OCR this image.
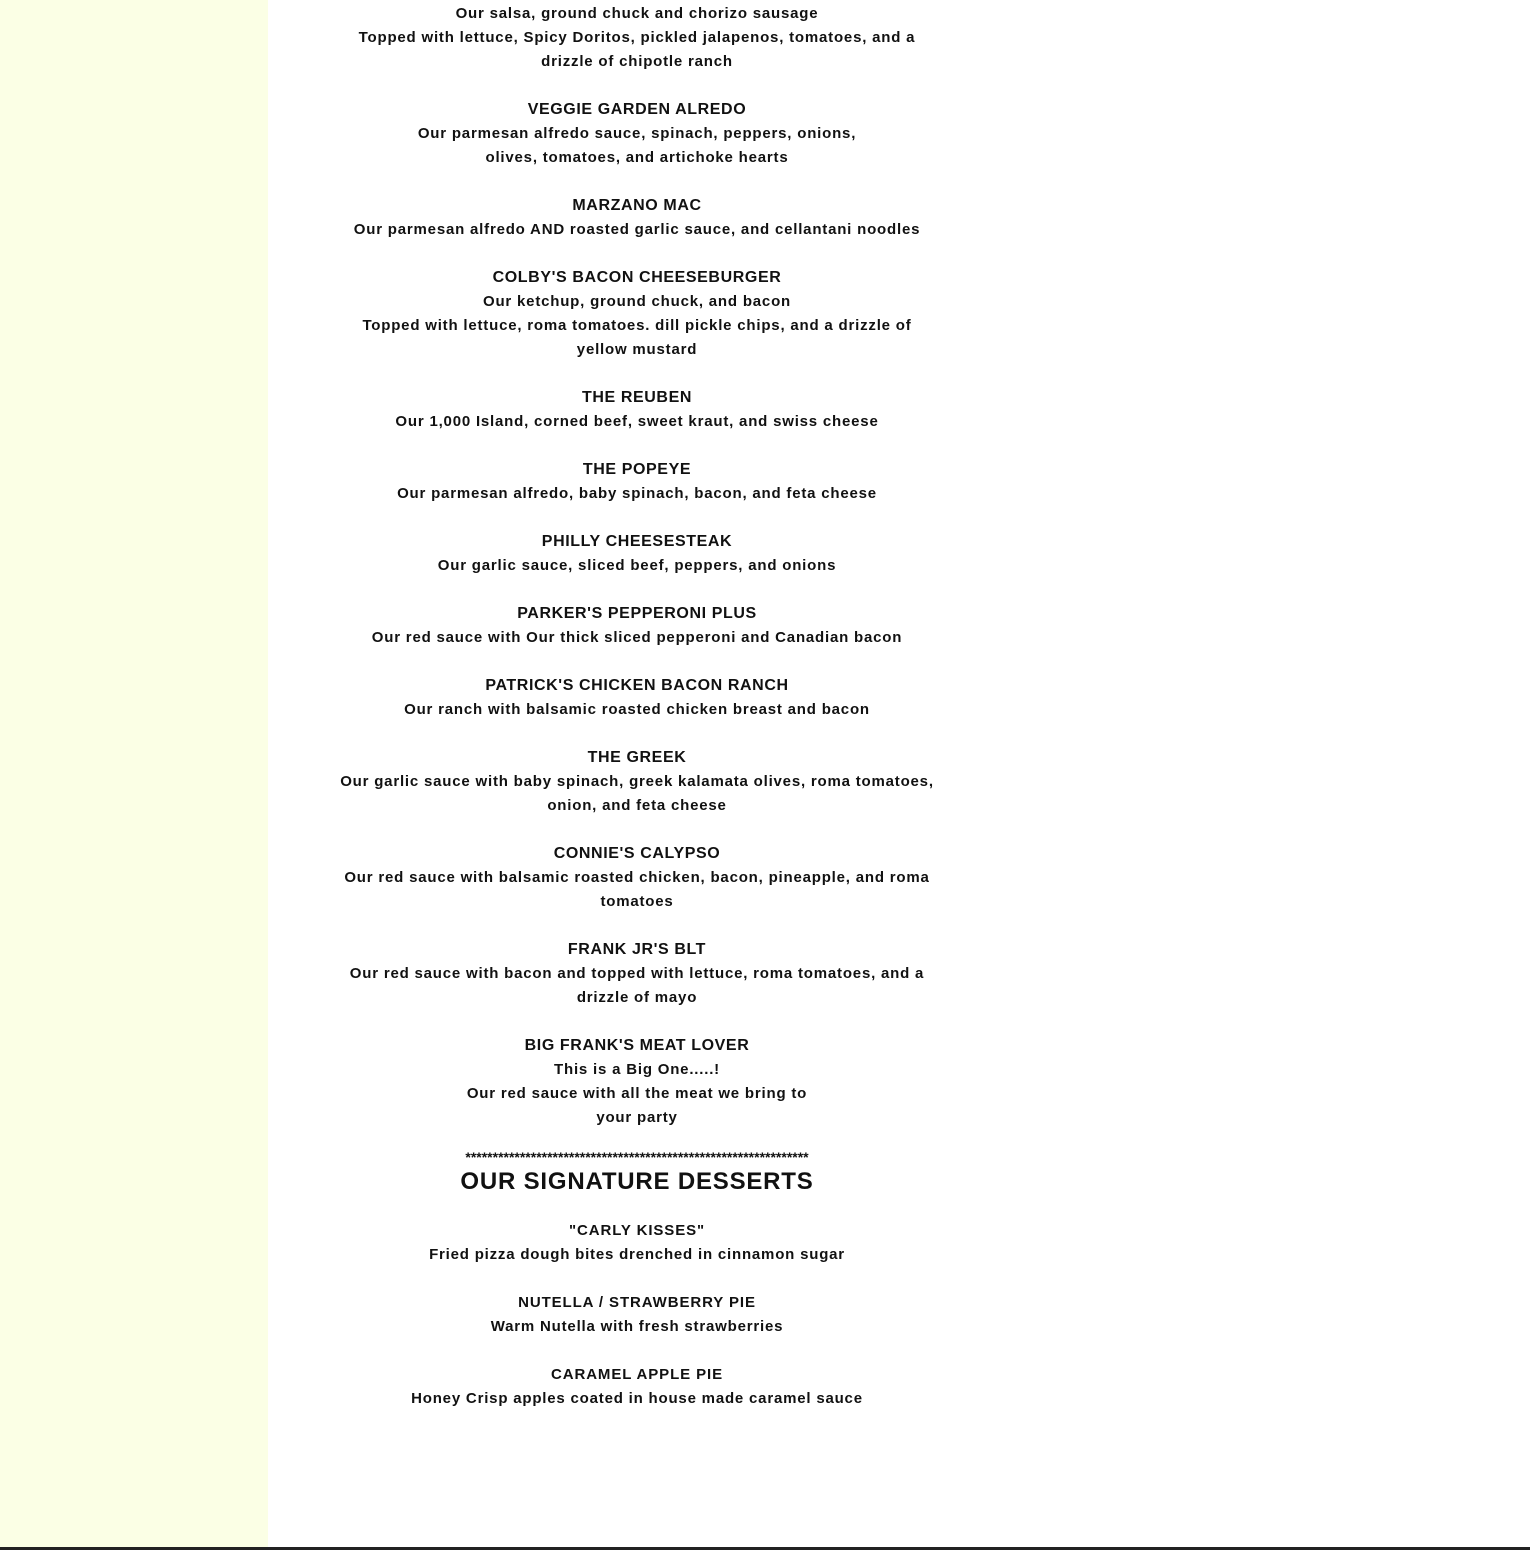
Our salsa, ground chuck and chorizo sausage

Topped with lettuce, Spicy Doritos, pickled jalapenos, tomatoes, and a

drizzle of chipotle ranch

VEGGIE GARDEN ALREDO

Our parmesan alfredo sauce, spinach, peppers, onions,

olives, tomatoes, and artichoke hearts

MARZANO MAC

Our parmesan alfredo AND roasted garlic sauce, and cellantani noodles

COLBY'S BACON CHEESEBURGER

Our ketchup, ground chuck, and bacon

Topped with lettuce, roma tomatoes. dill pickle chips, and a drizzle of

yellow mustard

THE REUBEN

Our 1,000 Island, corned beef, sweet kraut, and swiss cheese

THE POPEYE

Our parmesan alfredo, baby spinach, bacon, and feta cheese

PHILLY CHEESESTEAK

Our garlic sauce, sliced beef, peppers, and onions

PARKER'S PEPPERONI PLUS

Our red sauce with Our thick sliced pepperoni and Canadian bacon

PATRICK'S CHICKEN BACON RANCH

Our ranch with balsamic roasted chicken breast and bacon

THE GREEK

Our garlic sauce with baby spinach, greek kalamata olives, roma tomatoes,

onion, and feta cheese

CONNIE'S CALYPSO

Our red sauce with balsamic roasted chicken, bacon, pineapple, and roma

tomatoes

FRANK JR'S BLT

Our red sauce with bacon and topped with lettuce, roma tomatoes, and a

drizzle of mayo

BIG FRANK'S MEAT LOVER

This is a Big One.....!

Our red sauce with all the meat we bring to

your party

***************************************************************
OUR SIGNATURE DESSERTS

"CARLY KISSES"

Fried pizza dough bites drenched in cinnamon sugar

NUTELLA / STRAWBERRY PIE

Warm Nutella with fresh strawberries

CARAMEL APPLE PIE

Honey Crisp apples coated in house made caramel sauce
